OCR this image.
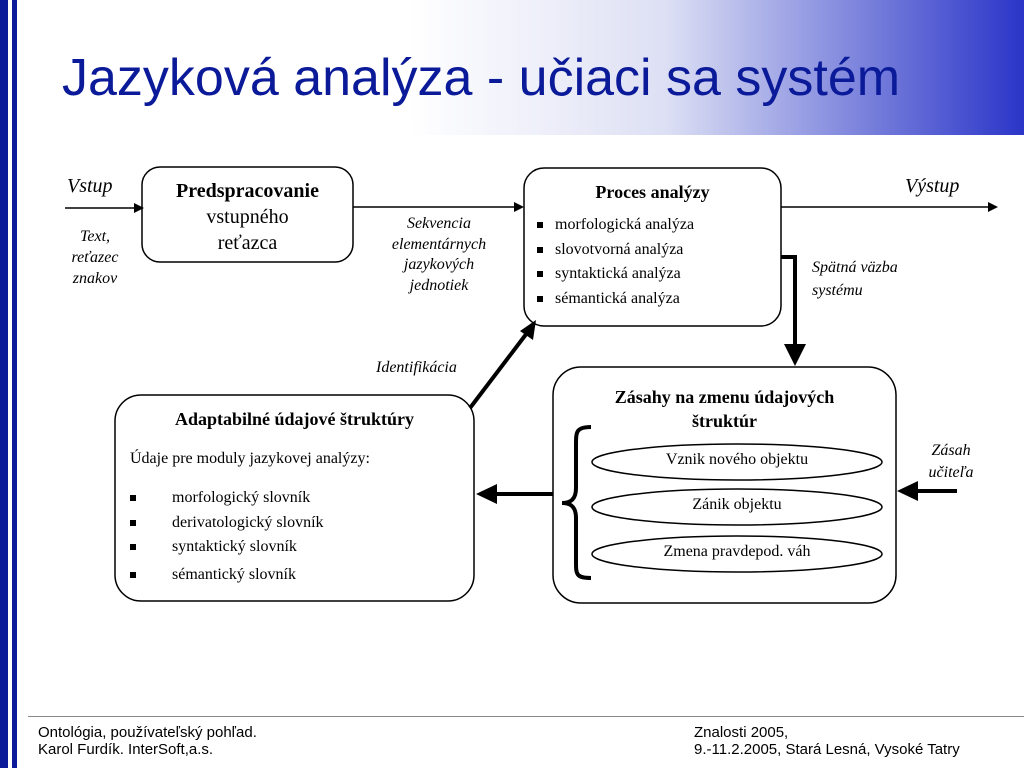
Jazyková analýza - učiaci sa systém
Vstup
Text,
reťazec
znakov
Výstup
Predspracovanie
vstupného
reťazca
Sekvencia
elementárnych
jazykových
jednotiek
Proces analýzy
morfologická analýza
slovotvorná analýza
syntaktická analýza
sémantická analýza
Spätná väzba
systému
Identifikácia
Adaptabilné údajové štruktúry
Údaje pre moduly jazykovej analýzy:
morfologický slovník
derivatologický slovník
syntaktický slovník
sémantický slovník
Zásahy na zmenu údajových
štruktúr
Vznik nového objektu
Zánik objektu
Zmena pravdepod. váh
Zásah
učiteľa
Ontológia, používateľský pohľad.
Karol Furdík. InterSoft,a.s.
Znalosti 2005,
9.-11.2.2005, Stará Lesná, Vysoké Tatry
